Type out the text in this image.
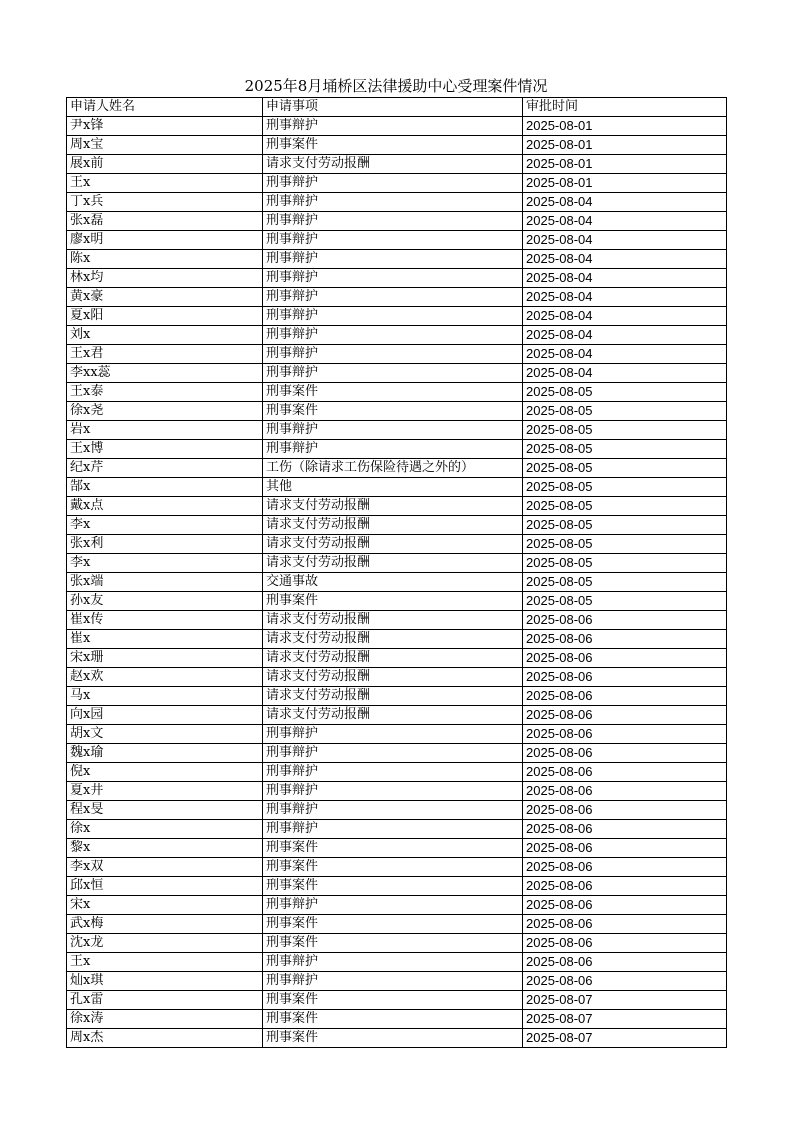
2025年8月埇桥区法律援助中心受理案件情况
申请人姓名	申请事项	审批时间
尹x锋	刑事辩护	2025-08-01
周x宝	刑事案件	2025-08-01
展x前	请求支付劳动报酬	2025-08-01
王x	刑事辩护	2025-08-01
丁x兵	刑事辩护	2025-08-04
张x磊	刑事辩护	2025-08-04
廖x明	刑事辩护	2025-08-04
陈x	刑事辩护	2025-08-04
林x均	刑事辩护	2025-08-04
黄x豪	刑事辩护	2025-08-04
夏x阳	刑事辩护	2025-08-04
刘x	刑事辩护	2025-08-04
王x君	刑事辩护	2025-08-04
李xx蕊	刑事辩护	2025-08-04
王x泰	刑事案件	2025-08-05
徐x尧	刑事案件	2025-08-05
岩x	刑事辩护	2025-08-05
王x博	刑事辩护	2025-08-05
纪x芹	工伤（除请求工伤保险待遇之外的）	2025-08-05
郜x	其他	2025-08-05
戴x点	请求支付劳动报酬	2025-08-05
李x	请求支付劳动报酬	2025-08-05
张x利	请求支付劳动报酬	2025-08-05
李x	请求支付劳动报酬	2025-08-05
张x端	交通事故	2025-08-05
孙x友	刑事案件	2025-08-05
崔x传	请求支付劳动报酬	2025-08-06
崔x	请求支付劳动报酬	2025-08-06
宋x珊	请求支付劳动报酬	2025-08-06
赵x欢	请求支付劳动报酬	2025-08-06
马x	请求支付劳动报酬	2025-08-06
向x园	请求支付劳动报酬	2025-08-06
胡x文	刑事辩护	2025-08-06
魏x瑜	刑事辩护	2025-08-06
倪x	刑事辩护	2025-08-06
夏x井	刑事辩护	2025-08-06
程x旻	刑事辩护	2025-08-06
徐x	刑事辩护	2025-08-06
黎x	刑事案件	2025-08-06
李x双	刑事案件	2025-08-06
邱x恒	刑事案件	2025-08-06
宋x	刑事辩护	2025-08-06
武x梅	刑事案件	2025-08-06
沈x龙	刑事案件	2025-08-06
王x	刑事辩护	2025-08-06
灿x琪	刑事辩护	2025-08-06
孔x雷	刑事案件	2025-08-07
徐x涛	刑事案件	2025-08-07
周x杰	刑事案件	2025-08-07
